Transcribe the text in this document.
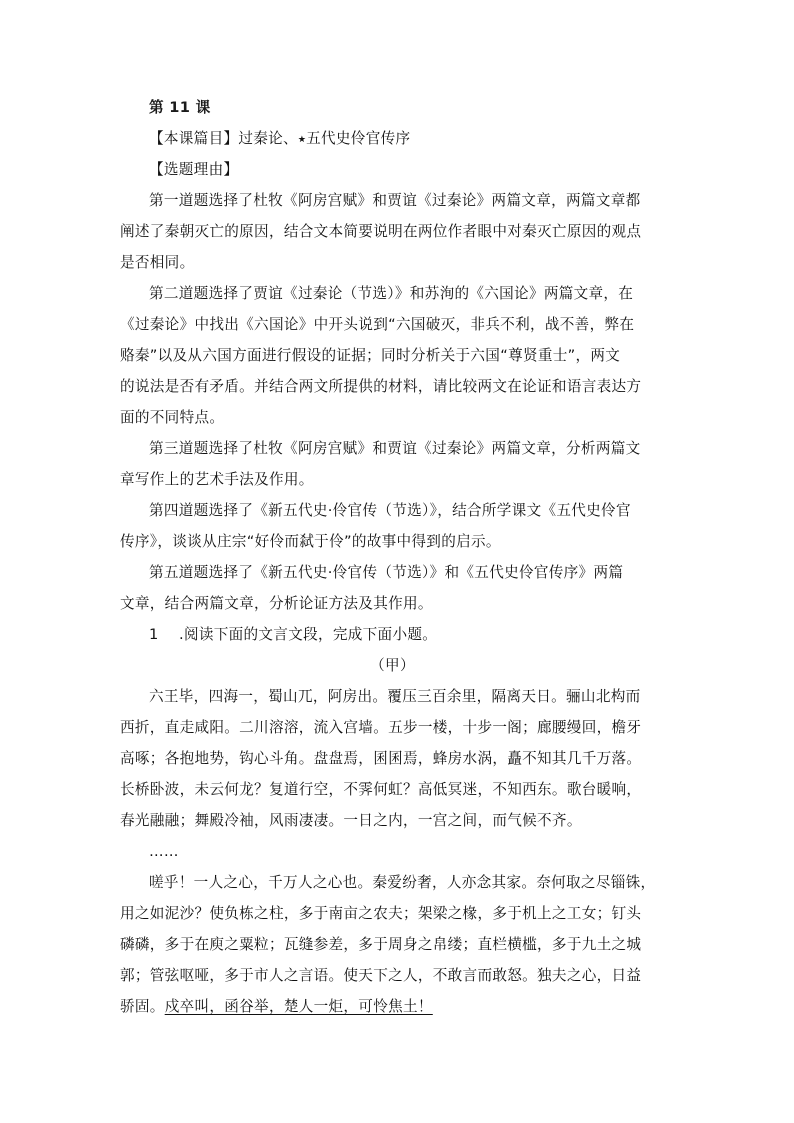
第 11 课
【本课篇目】过秦论、⭑五代史伶官传序
【选题理由】
第一道题选择了杜牧《阿房宫赋》和贾谊《过秦论》两篇文章，两篇文章都
阐述了秦朝灭亡的原因，结合文本简要说明在两位作者眼中对秦灭亡原因的观点
是否相同。
第二道题选择了贾谊《过秦论（节选）》和苏洵的《六国论》两篇文章，在
《过秦论》中找出《六国论》中开头说到“六国破灭，非兵不利，战不善，弊在
赂秦”以及从六国方面进行假设的证据；同时分析关于六国“尊贤重士”，两文
的说法是否有矛盾。并结合两文所提供的材料，请比较两文在论证和语言表达方
面的不同特点。
第三道题选择了杜牧《阿房宫赋》和贾谊《过秦论》两篇文章，分析两篇文
章写作上的艺术手法及作用。
第四道题选择了《新五代史·伶官传（节选）》，结合所学课文《五代史伶官
传序》，谈谈从庄宗“好伶而弑于伶”的故事中得到的启示。
第五道题选择了《新五代史·伶官传（节选）》和《五代史伶官传序》两篇
文章，结合两篇文章，分析论证方法及其作用。
1 .阅读下面的文言文段，完成下面小题。
（甲）
六王毕，四海一，蜀山兀，阿房出。覆压三百余里，隔离天日。骊山北构而
西折，直走咸阳。二川溶溶，流入宫墙。五步一楼，十步一阁；廊腰缦回，檐牙
高啄；各抱地势，钩心斗角。盘盘焉，囷囷焉，蜂房水涡，矗不知其几千万落。
长桥卧波，未云何龙？复道行空，不霁何虹？高低冥迷，不知西东。歌台暖响，
春光融融；舞殿冷袖，风雨凄凄。一日之内，一宫之间，而气候不齐。
……
嗟乎！一人之心，千万人之心也。秦爱纷奢，人亦念其家。奈何取之尽锱铢，
用之如泥沙？使负栋之柱，多于南亩之农夫；架梁之椽，多于机上之工女；钉头
磷磷，多于在庾之粟粒；瓦缝参差，多于周身之帛缕；直栏横槛，多于九土之城
郭；管弦呕哑，多于市人之言语。使天下之人，不敢言而敢怒。独夫之心，日益
骄固。戍卒叫，函谷举，楚人一炬，可怜焦土！
